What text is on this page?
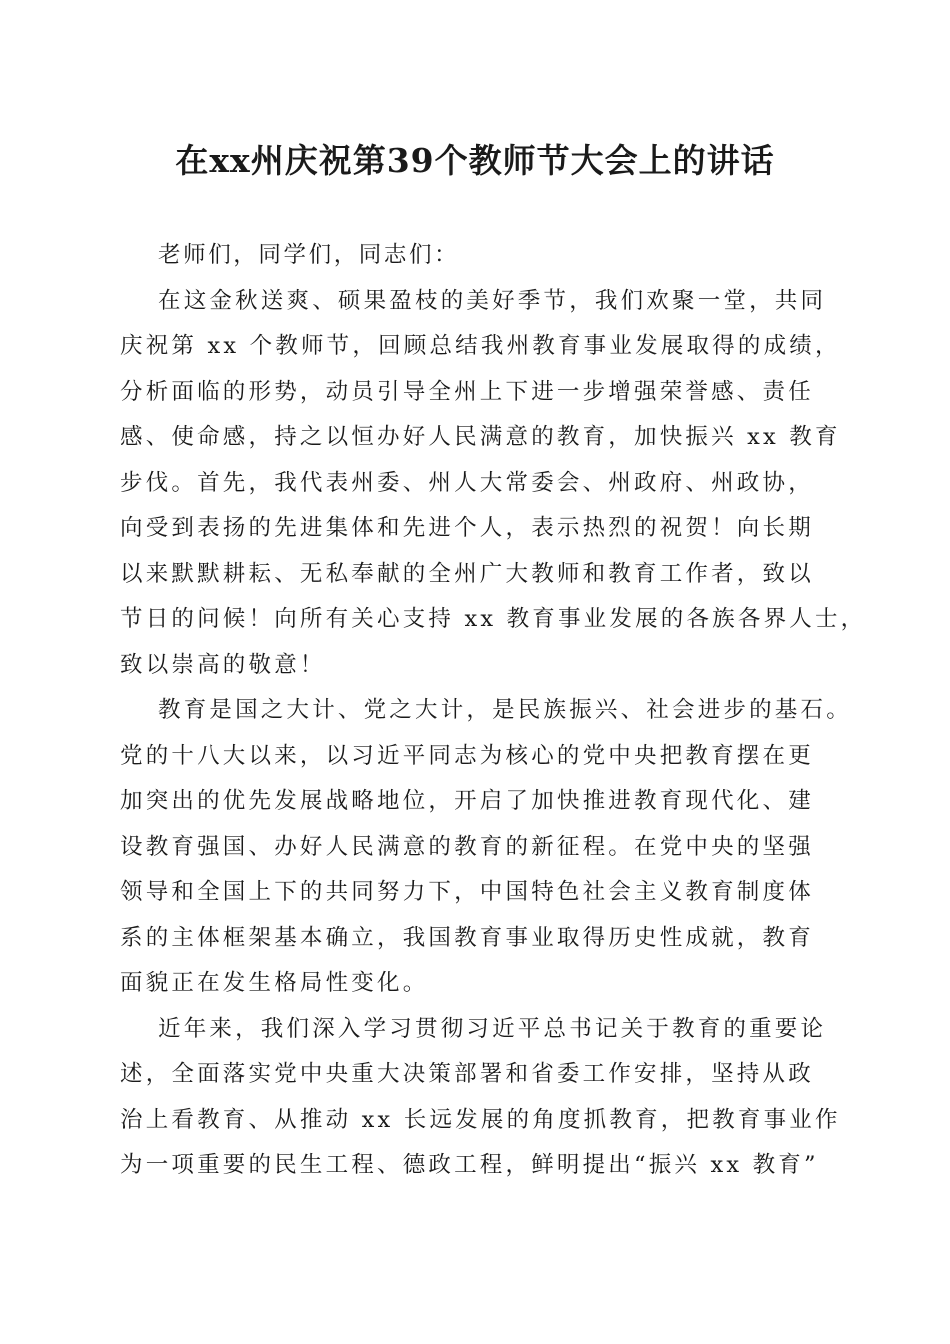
在xx州庆祝第39个教师节大会上的讲话
老师们，同学们，同志们：
在这金秋送爽、硕果盈枝的美好季节，我们欢聚一堂，共同
庆祝第 xx 个教师节，回顾总结我州教育事业发展取得的成绩，
分析面临的形势，动员引导全州上下进一步增强荣誉感、责任
感、使命感，持之以恒办好人民满意的教育，加快振兴 xx 教育
步伐。首先，我代表州委、州人大常委会、州政府、州政协，
向受到表扬的先进集体和先进个人，表示热烈的祝贺！向长期
以来默默耕耘、无私奉献的全州广大教师和教育工作者，致以
节日的问候！向所有关心支持 xx 教育事业发展的各族各界人士，
致以崇高的敬意！
教育是国之大计、党之大计，是民族振兴、社会进步的基石。
党的十八大以来，以习近平同志为核心的党中央把教育摆在更
加突出的优先发展战略地位，开启了加快推进教育现代化、建
设教育强国、办好人民满意的教育的新征程。在党中央的坚强
领导和全国上下的共同努力下，中国特色社会主义教育制度体
系的主体框架基本确立，我国教育事业取得历史性成就，教育
面貌正在发生格局性变化。
近年来，我们深入学习贯彻习近平总书记关于教育的重要论
述，全面落实党中央重大决策部署和省委工作安排，坚持从政
治上看教育、从推动 xx 长远发展的角度抓教育，把教育事业作
为一项重要的民生工程、德政工程，鲜明提出“振兴 xx 教育”
